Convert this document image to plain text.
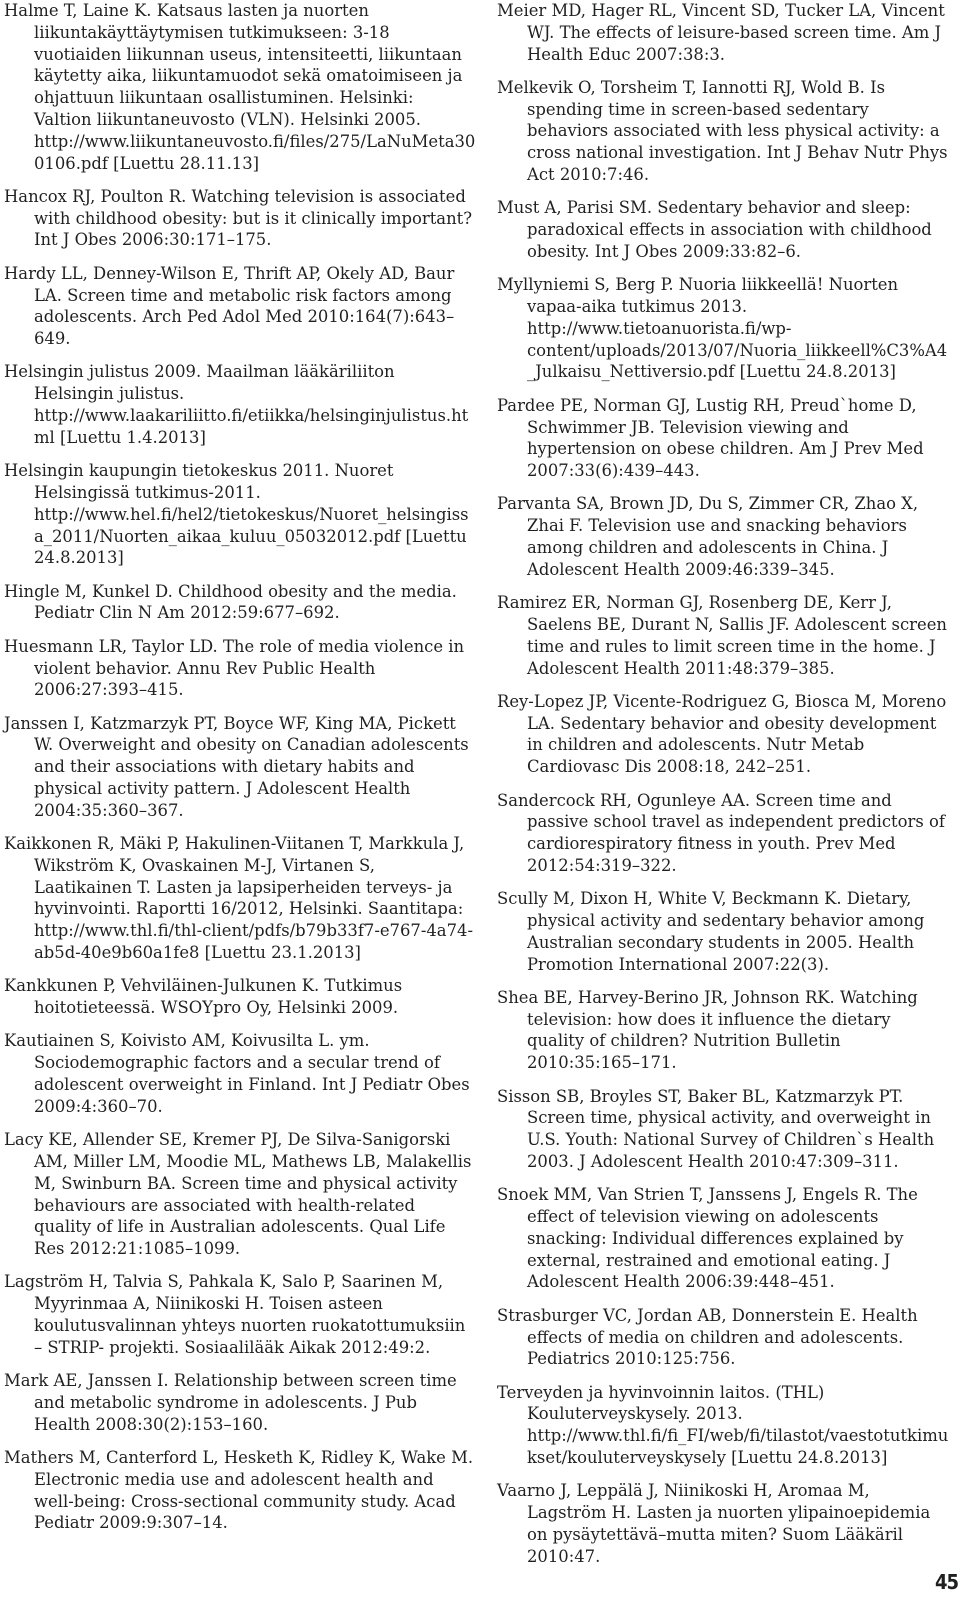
Halme T, Laine K. Katsaus lasten ja nuorten liikuntakäyttäytymisen tutkimukseen: 3-18 vuotiaiden liikunnan useus, intensiteetti, liikuntaan käytetty aika, liikuntamuodot sekä omatoimiseen ja ohjattuun liikuntaan osallistuminen. Helsinki: Valtion liikuntaneuvosto (VLN). Helsinki 2005. http://www.liikuntaneuvosto.fi/files/275/LaNuMeta300106.pdf [Luettu 28.11.13]

Hancox RJ, Poulton R. Watching television is associated with childhood obesity: but is it clinically important? Int J Obes 2006:30:171–175.

Hardy LL, Denney-Wilson E, Thrift AP, Okely AD, Baur LA. Screen time and metabolic risk factors among adolescents. Arch Ped Adol Med 2010:164(7):643–649.

Helsingin julistus 2009. Maailman lääkäriliiton Helsingin julistus. http://www.laakariliitto.fi/etiikka/helsinginjulistus.html [Luettu 1.4.2013]

Helsingin kaupungin tietokeskus 2011. Nuoret Helsingissä tutkimus-2011. http://www.hel.fi/hel2/tietokeskus/Nuoret_helsingissa_2011/Nuorten_aikaa_kuluu_05032012.pdf [Luettu 24.8.2013]

Hingle M, Kunkel D. Childhood obesity and the media. Pediatr Clin N Am 2012:59:677–692.

Huesmann LR, Taylor LD. The role of media violence in violent behavior. Annu Rev Public Health 2006:27:393–415.

Janssen I, Katzmarzyk PT, Boyce WF, King MA, Pickett W. Overweight and obesity on Canadian adolescents and their associations with dietary habits and physical activity pattern. J Adolescent Health 2004:35:360–367.

Kaikkonen R, Mäki P, Hakulinen-Viitanen T, Markkula J, Wikström K, Ovaskainen M-J, Virtanen S, Laatikainen T. Lasten ja lapsiperheiden terveys- ja hyvinvointi. Raportti 16/2012, Helsinki. Saantitapa: http://www.thl.fi/thl-client/pdfs/b79b33f7-e767-4a74-ab5d-40e9b60a1fe8 [Luettu 23.1.2013]

Kankkunen P, Vehviläinen-Julkunen K. Tutkimus hoitotieteessä. WSOYpro Oy, Helsinki 2009.

Kautiainen S, Koivisto AM, Koivusilta L. ym. Sociodemographic factors and a secular trend of adolescent overweight in Finland. Int J Pediatr Obes 2009:4:360–70.

Lacy KE, Allender SE, Kremer PJ, De Silva-Sanigorski AM, Miller LM, Moodie ML, Mathews LB, Malakellis M, Swinburn BA. Screen time and physical activity behaviours are associated with health-related quality of life in Australian adolescents. Qual Life Res 2012:21:1085–1099.

Lagström H, Talvia S, Pahkala K, Salo P, Saarinen M, Myyrinmaa A, Niinikoski H. Toisen asteen koulutusvalinnan yhteys nuorten ruokatottumuksiin – STRIP- projekti. Sosiaalilääk Aikak 2012:49:2.

Mark AE, Janssen I. Relationship between screen time and metabolic syndrome in adolescents. J Pub Health 2008:30(2):153–160.

Mathers M, Canterford L, Hesketh K, Ridley K, Wake M. Electronic media use and adolescent health and well-being: Cross-sectional community study. Acad Pediatr 2009:9:307–14.

Meier MD, Hager RL, Vincent SD, Tucker LA, Vincent WJ. The effects of leisure-based screen time. Am J Health Educ 2007:38:3.

Melkevik O, Torsheim T, Iannotti RJ, Wold B. Is spending time in screen-based sedentary behaviors associated with less physical activity: a cross national investigation. Int J Behav Nutr Phys Act 2010:7:46.

Must A, Parisi SM. Sedentary behavior and sleep: paradoxical effects in association with childhood obesity. Int J Obes 2009:33:82–6.

Myllyniemi S, Berg P. Nuoria liikkeellä! Nuorten vapaa-aika tutkimus 2013. http://www.tietoanuorista.fi/wp-content/uploads/2013/07/Nuoria_liikkeell%C3%A4_Julkaisu_Nettiversio.pdf [Luettu 24.8.2013]

Pardee PE, Norman GJ, Lustig RH, Preud`home D, Schwimmer JB. Television viewing and hypertension on obese children. Am J Prev Med 2007:33(6):439–443.

Parvanta SA, Brown JD, Du S, Zimmer CR, Zhao X, Zhai F. Television use and snacking behaviors among children and adolescents in China. J Adolescent Health 2009:46:339–345.

Ramirez ER, Norman GJ, Rosenberg DE, Kerr J, Saelens BE, Durant N, Sallis JF. Adolescent screen time and rules to limit screen time in the home. J Adolescent Health 2011:48:379–385.

Rey-Lopez JP, Vicente-Rodriguez G, Biosca M, Moreno LA. Sedentary behavior and obesity development in children and adolescents. Nutr Metab Cardiovasc Dis 2008:18, 242–251.

Sandercock RH, Ogunleye AA. Screen time and passive school travel as independent predictors of cardiorespiratory fitness in youth. Prev Med 2012:54:319–322.

Scully M, Dixon H, White V, Beckmann K. Dietary, physical activity and sedentary behavior among Australian secondary students in 2005. Health Promotion International 2007:22(3).

Shea BE, Harvey-Berino JR, Johnson RK. Watching television: how does it influence the dietary quality of children? Nutrition Bulletin 2010:35:165–171.

Sisson SB, Broyles ST, Baker BL, Katzmarzyk PT. Screen time, physical activity, and overweight in U.S. Youth: National Survey of Children`s Health 2003. J Adolescent Health 2010:47:309–311.

Snoek MM, Van Strien T, Janssens J, Engels R. The effect of television viewing on adolescents snacking: Individual differences explained by external, restrained and emotional eating. J Adolescent Health 2006:39:448–451.

Strasburger VC, Jordan AB, Donnerstein E. Health effects of media on children and adolescents. Pediatrics 2010:125:756.

Terveyden ja hyvinvoinnin laitos. (THL) Kouluterveyskysely. 2013. http://www.thl.fi/fi_FI/web/fi/tilastot/vaestotutkimukset/kouluterveyskysely [Luettu 24.8.2013]

Vaarno J, Leppälä J, Niinikoski H, Aromaa M, Lagström H. Lasten ja nuorten ylipainoepidemia on pysäytettävä–mutta miten? Suom Lääkäril 2010:47.

45
